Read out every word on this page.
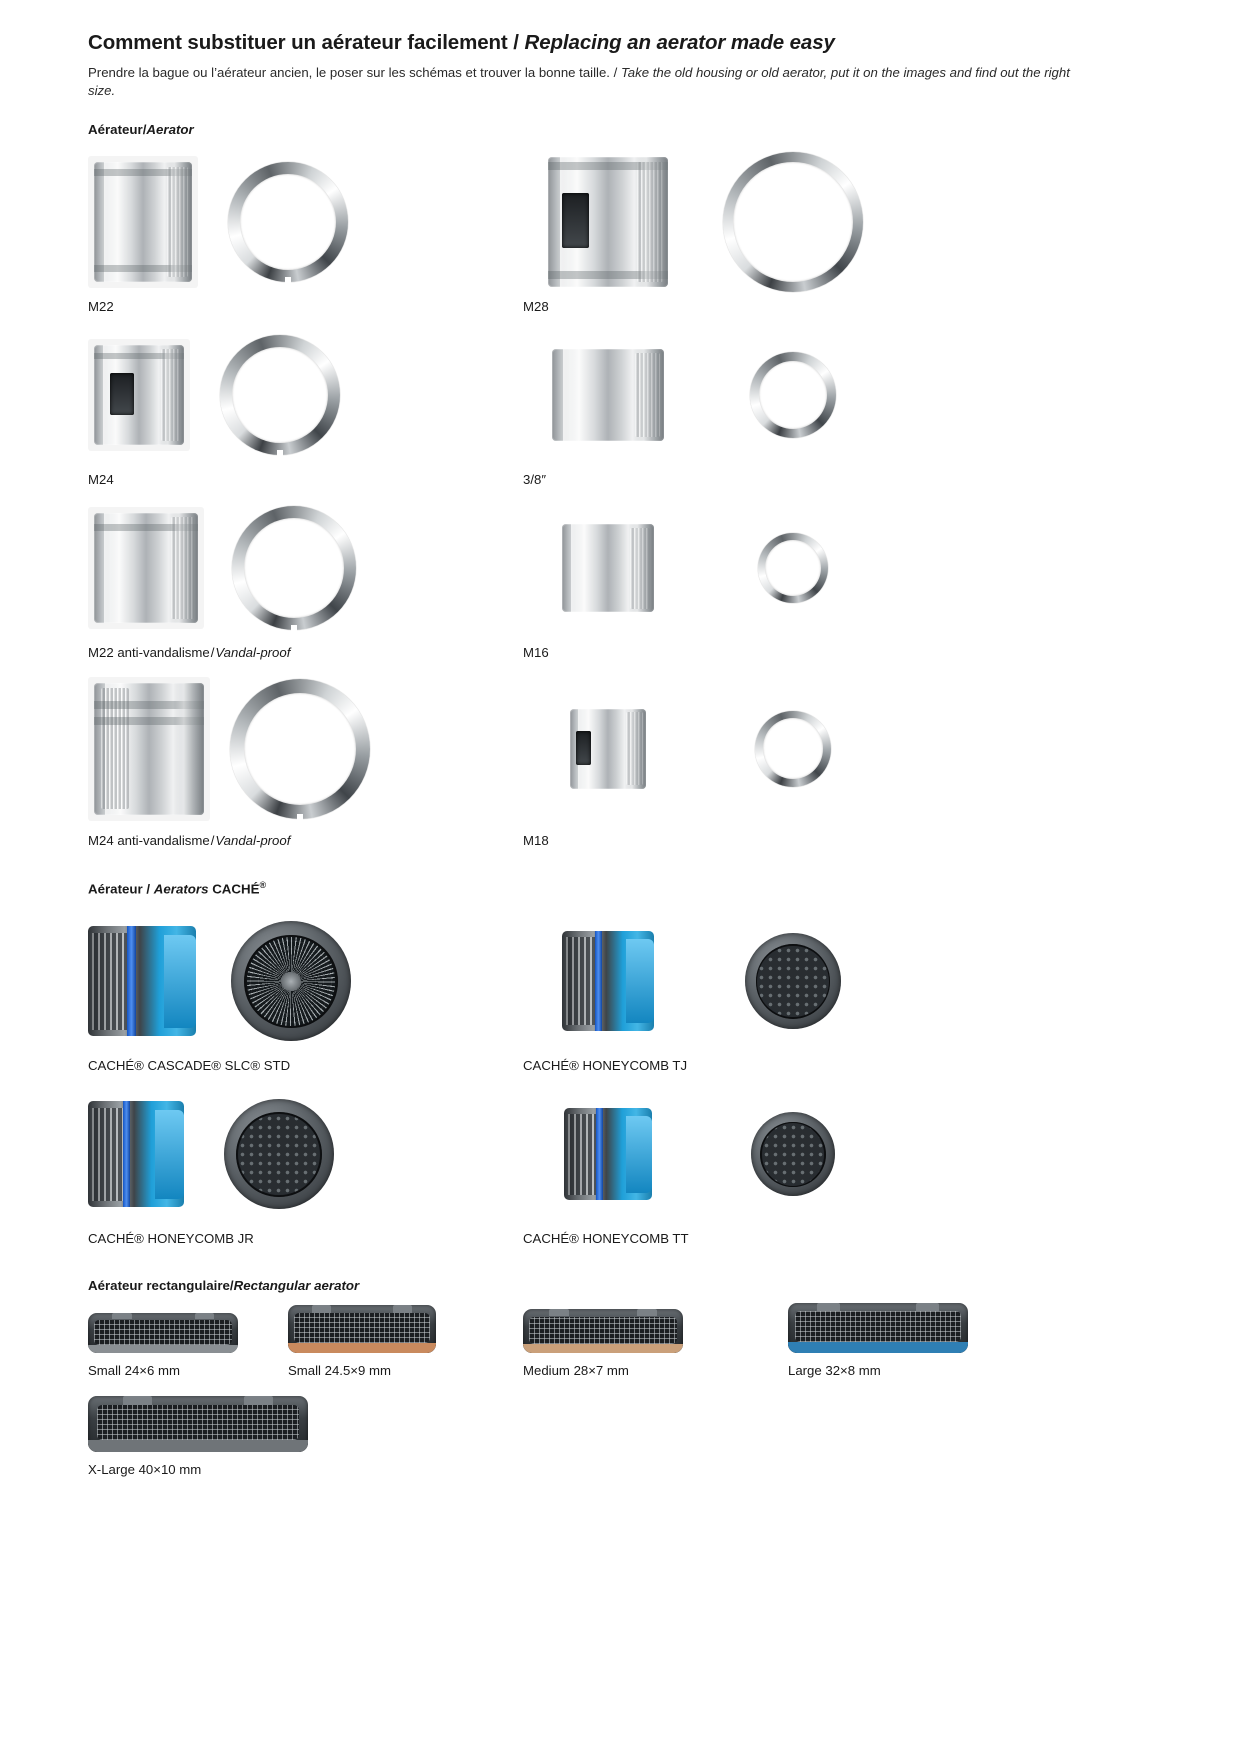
Comment substituer un aérateur facilement / Replacing an aerator made easy

Prendre la bague ou l’aérateur ancien, le poser sur les schémas et trouver la bonne taille. / Take the old housing or old aerator, put it on the images and find out the right size.

Aérateur/Aerator
M22	M28
M24	3/8″
M22 anti-vandalisme/Vandal-proof	M16
M24 anti-vandalisme/Vandal-proof	M18
Aérateur / Aerators CACHÉ®
CACHÉ® CASCADE® SLC® STD	CACHÉ® HONEYCOMB TJ
CACHÉ® HONEYCOMB JR	CACHÉ® HONEYCOMB TT
Aérateur rectangulaire/Rectangular aerator
Small 24×6 mm	Small 24.5×9 mm	Medium 28×7 mm	Large 32×8 mm
X-Large 40×10 mm
